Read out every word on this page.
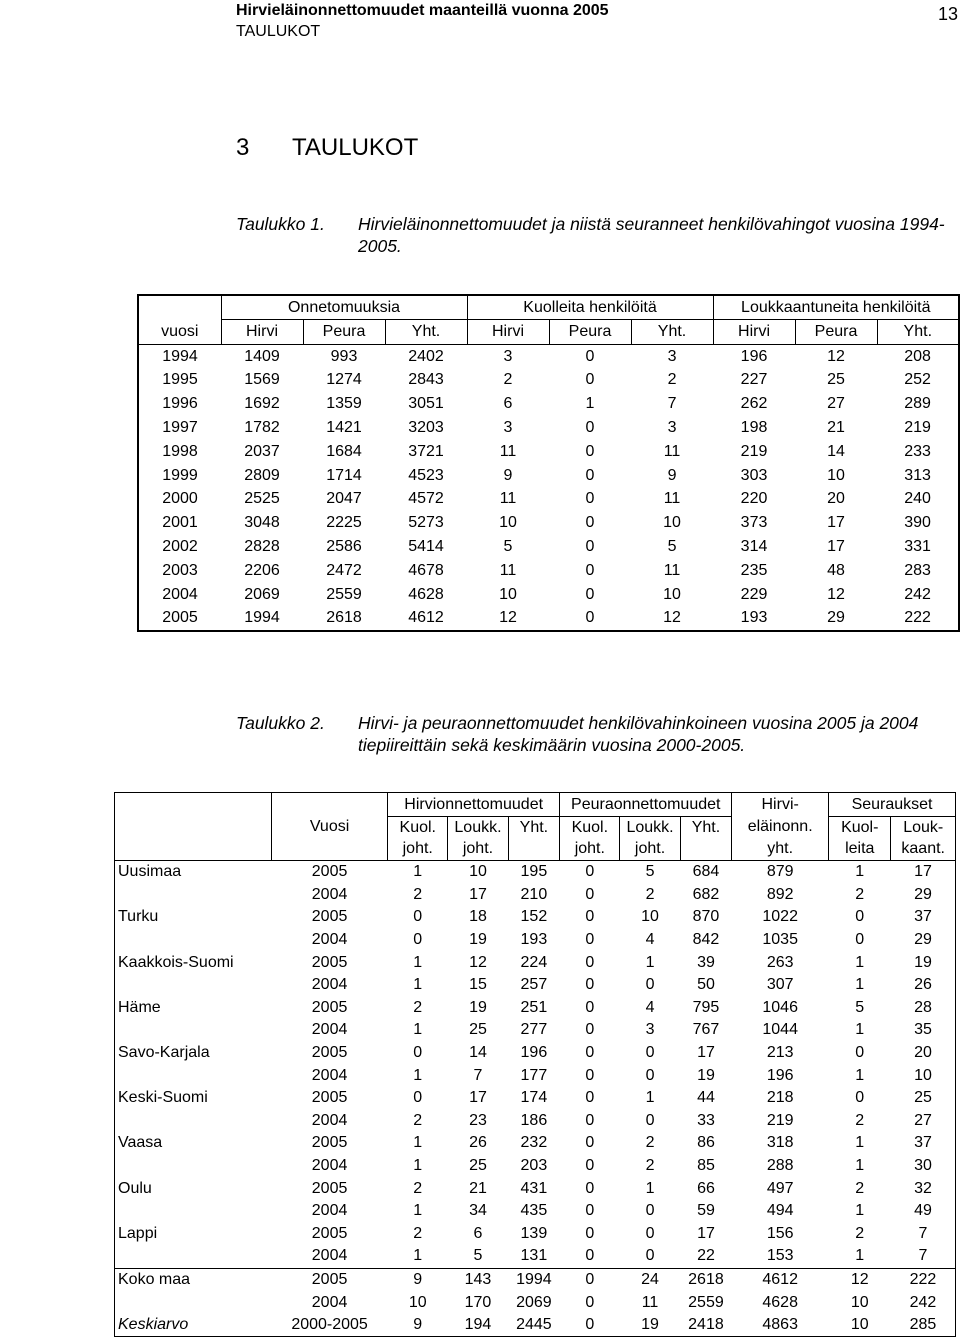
Hirvieläinonnettomuudet maanteillä vuonna 2005
TAULUKOT
13
3 TAULUKOT
Taulukko 1.	Hirvieläinonnettomuudet ja niistä seuranneet henkilövahingot vuosina 1994-2005.
	Onnetomuuksia			Kuolleita henkilöitä			Loukkaantuneita henkilöitä		
vuosi	Hirvi	Peura	Yht.	Hirvi	Peura	Yht.	Hirvi	Peura	Yht.
1994	1409	993	2402	3	0	3	196	12	208
1995	1569	1274	2843	2	0	2	227	25	252
1996	1692	1359	3051	6	1	7	262	27	289
1997	1782	1421	3203	3	0	3	198	21	219
1998	2037	1684	3721	11	0	11	219	14	233
1999	2809	1714	4523	9	0	9	303	10	313
2000	2525	2047	4572	11	0	11	220	20	240
2001	3048	2225	5273	10	0	10	373	17	390
2002	2828	2586	5414	5	0	5	314	17	331
2003	2206	2472	4678	11	0	11	235	48	283
2004	2069	2559	4628	10	0	10	229	12	242
2005	1994	2618	4612	12	0	12	193	29	222
Taulukko 2.	Hirvi- ja peuraonnettomuudet henkilövahinkoineen vuosina 2005 ja 2004 tiepiireittäin sekä keskimäärin vuosina 2000-2005.
		Hirvionnettomuudet			Peuraonnettomuudet			Hirvi-	Seuraukset	
	Vuosi	Kuol.	Loukk.	Yht.	Kuol.	Loukk.	Yht.	eläinonn.	Kuol-	Louk-
		joht.	joht.		joht.	joht.		yht.	leita	kaant.
Uusimaa	2005	1	10	195	0	5	684	879	1	17
	2004	2	17	210	0	2	682	892	2	29
Turku	2005	0	18	152	0	10	870	1022	0	37
	2004	0	19	193	0	4	842	1035	0	29
Kaakkois-Suomi	2005	1	12	224	0	1	39	263	1	19
	2004	1	15	257	0	0	50	307	1	26
Häme	2005	2	19	251	0	4	795	1046	5	28
	2004	1	25	277	0	3	767	1044	1	35
Savo-Karjala	2005	0	14	196	0	0	17	213	0	20
	2004	1	7	177	0	0	19	196	1	10
Keski-Suomi	2005	0	17	174	0	1	44	218	0	25
	2004	2	23	186	0	0	33	219	2	27
Vaasa	2005	1	26	232	0	2	86	318	1	37
	2004	1	25	203	0	2	85	288	1	30
Oulu	2005	2	21	431	0	1	66	497	2	32
	2004	1	34	435	0	0	59	494	1	49
Lappi	2005	2	6	139	0	0	17	156	2	7
	2004	1	5	131	0	0	22	153	1	7
Koko maa	2005	9	143	1994	0	24	2618	4612	12	222
	2004	10	170	2069	0	11	2559	4628	10	242
Keskiarvo	2000-2005	9	194	2445	0	19	2418	4863	10	285
